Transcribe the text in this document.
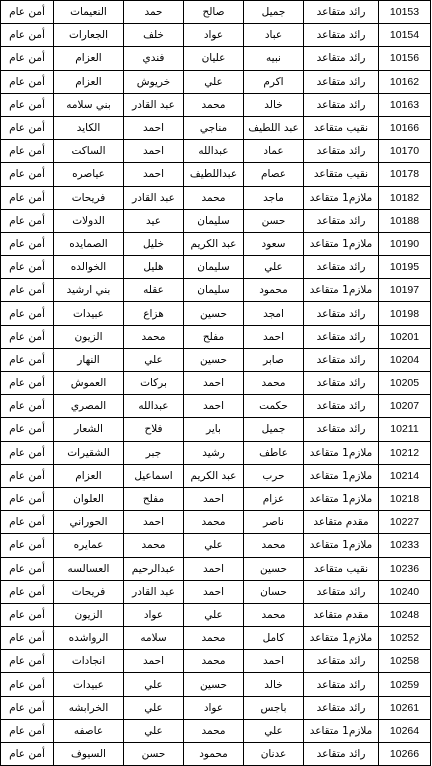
10153	رائد متقاعد	جميل	صالح	حمد	النعيمات	أمن عام
10154	رائد متقاعد	عباد	عواد	خلف	الجعارات	أمن عام
10156	رائد متقاعد	نبيه	عليان	فندي	العزام	أمن عام
10162	رائد متقاعد	اكرم	علي	خريوش	العزام	أمن عام
10163	رائد متقاعد	خالد	محمد	عبد القادر	بني سلامه	أمن عام
10166	نقيب متقاعد	عبد اللطيف	مناجي	احمد	الكايد	أمن عام
10170	رائد متقاعد	عماد	عبدالله	احمد	الساكت	أمن عام
10178	نقيب متقاعد	عصام	عبداللطيف	احمد	عياصره	أمن عام
10182	ملازم1 متقاعد	ماجد	محمد	عبد القادر	فريحات	أمن عام
10188	رائد متقاعد	حسن	سليمان	عيد	الدولات	أمن عام
10190	ملازم1 متقاعد	سعود	عبد الكريم	خليل	الصمايده	أمن عام
10195	رائد متقاعد	علي	سليمان	هليل	الخوالده	أمن عام
10197	ملازم1 متقاعد	محمود	سليمان	عقله	بني ارشيد	أمن عام
10198	رائد متقاعد	امجد	حسين	هزاع	عبيدات	أمن عام
10201	رائد متقاعد	احمد	مفلح	محمد	الزيون	أمن عام
10204	رائد متقاعد	صابر	حسين	علي	النهار	أمن عام
10205	رائد متقاعد	محمد	احمد	بركات	العموش	أمن عام
10207	رائد متقاعد	حكمت	احمد	عبدالله	المصري	أمن عام
10211	رائد متقاعد	جميل	باير	فلاح	الشعار	أمن عام
10212	ملازم1 متقاعد	عاطف	رشيد	جبر	الشقيرات	أمن عام
10214	ملازم1 متقاعد	حرب	عبد الكريم	اسماعيل	العزام	أمن عام
10218	ملازم1 متقاعد	عزام	احمد	مفلح	العلوان	أمن عام
10227	مقدم متقاعد	ناصر	محمد	احمد	الحوراني	أمن عام
10233	ملازم1 متقاعد	محمد	علي	محمد	عمايره	أمن عام
10236	نقيب متقاعد	حسين	احمد	عبدالرحيم	العسالسه	أمن عام
10240	رائد متقاعد	حسان	احمد	عبد القادر	فريحات	أمن عام
10248	مقدم متقاعد	محمد	علي	عواد	الزيون	أمن عام
10252	ملازم1 متقاعد	كامل	محمد	سلامه	الرواشده	أمن عام
10258	رائد متقاعد	احمد	محمد	احمد	انجادات	أمن عام
10259	رائد متقاعد	خالد	حسين	علي	عبيدات	أمن عام
10261	رائد متقاعد	باجس	عواد	علي	الخرابشه	أمن عام
10264	ملازم1 متقاعد	علي	محمد	علي	عاصفه	أمن عام
10266	رائد متقاعد	عدنان	محمود	حسن	السيوف	أمن عام
